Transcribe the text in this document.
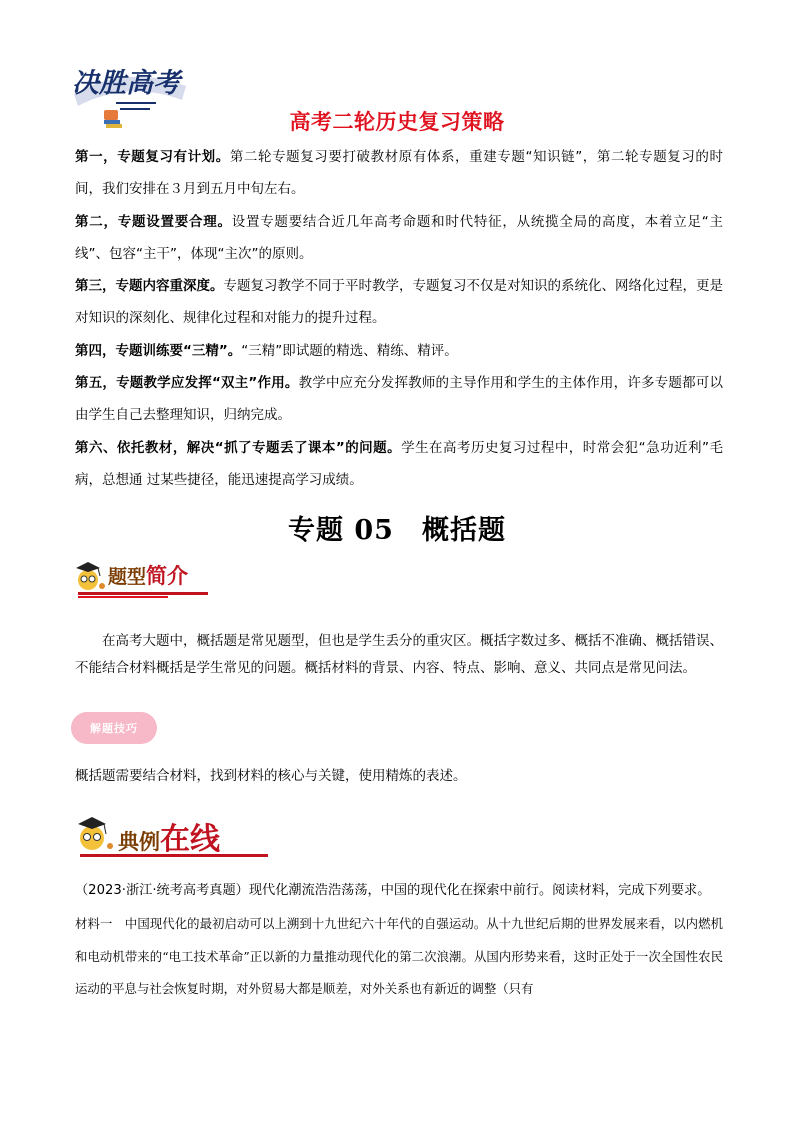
决胜高考
高考二轮历史复习策略

第一，专题复习有计划。第二轮专题复习要打破教材原有体系，重建专题“知识链”，第二轮专题复习的时间，我们安排在３月到五月中旬左右。

第二，专题设置要合理。设置专题要结合近几年高考命题和时代特征，从统揽全局的高度，本着立足“主线”、包容“主干”，体现“主次”的原则。

第三，专题内容重深度。专题复习教学不同于平时教学，专题复习不仅是对知识的系统化、网络化过程，更是对知识的深刻化、规律化过程和对能力的提升过程。

第四，专题训练要“三精”。“三精”即试题的精选、精练、精评。

第五，专题教学应发挥“双主”作用。教学中应充分发挥教师的主导作用和学生的主体作用，许多专题都可以由学生自己去整理知识，归纳完成。

第六、依托教材，解决“抓了专题丢了课本”的问题。学生在高考历史复习过程中，时常会犯“急功近利”毛病，总想通 过某些捷径，能迅速提高学习成绩。

专题 05　概括题
题型简介

在高考大题中，概括题是常见题型，但也是学生丢分的重灾区。概括字数过多、概括不准确、概括错误、不能结合材料概括是学生常见的问题。概括材料的背景、内容、特点、影响、意义、共同点是常见问法。

解题技巧

概括题需要结合材料，找到材料的核心与关键，使用精炼的表述。

典例在线

（2023·浙江·统考高考真题）现代化潮流浩浩荡荡，中国的现代化在探索中前行。阅读材料，完成下列要求。

材料一　中国现代化的最初启动可以上溯到十九世纪六十年代的自强运动。从十九世纪后期的世界发展来看，以内燃机和电动机带来的“电工技术革命”正以新的力量推动现代化的第二次浪潮。从国内形势来看，这时正处于一次全国性农民运动的平息与社会恢复时期，对外贸易大都是顺差，对外关系也有新近的调整（只有
